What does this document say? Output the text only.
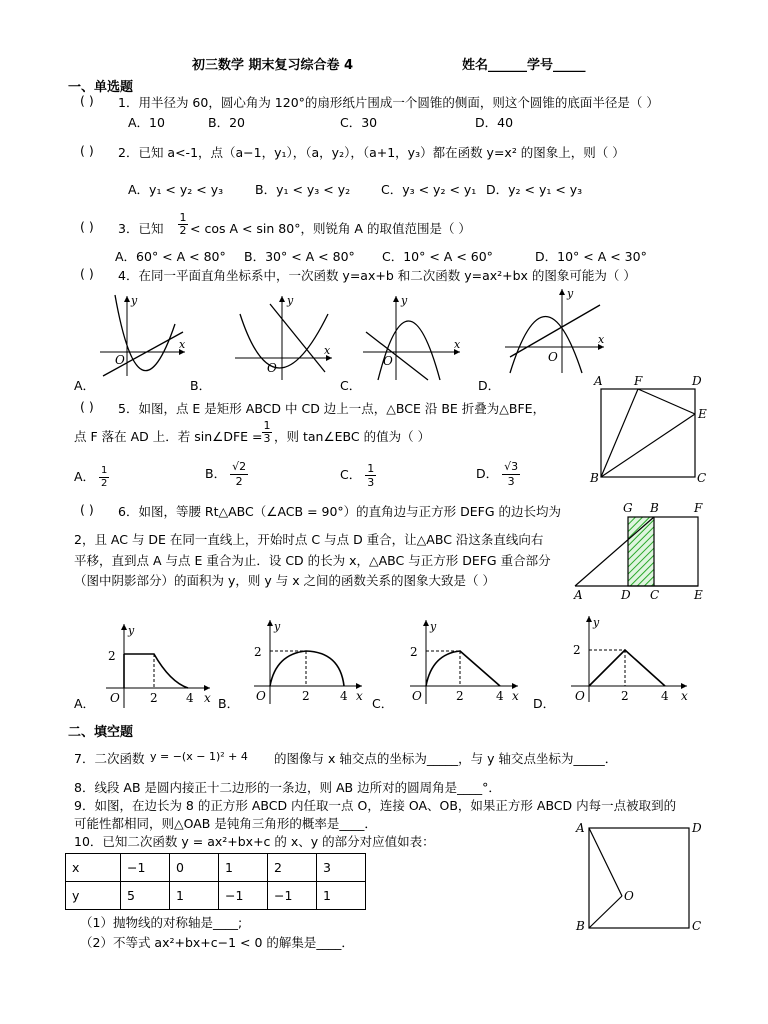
初三数学 期末复习综合卷 4	姓名______学号_____
一、单选题
( ) 1．用半径为 60，圆心角为 120°的扇形纸片围成一个圆锥的侧面，则这个圆锥的底面半径是（ ）
A．10	B．20	C．30	D．40
( ) 2．已知 a<-1，点（a−1，y₁），（a，y₂），（a+1，y₃）都在函数 y=x² 的图象上，则（ ）
A．y₁ < y₂ < y₃	B．y₁ < y₃ < y₂ C．y₃ < y₂ < y₁ D．y₂ < y₁ < y₃
( ) 3．已知 $\frac{1}{2} < \cos A < \sin 80^\circ$，则锐角 A 的取值范围是（ ）
A．60° < A < 80° B．30° < A < 80° C．10° < A < 60°	D．10° < A < 30°
( ) 4．在同一平面直角坐标系中，一次函数 y=ax+b 和二次函数 y=ax²+bx 的图象可能为（ ）
O
x
y
A．
O
x
y
B．
O
x
y
C．
O
x
y
D．
( ) 5．如图，点 E 是矩形 ABCD 中 CD 边上一点，△BCE 沿 BE 折叠为△BFE，
点 F 落在 AD 上．若 sin∠DFE = $\frac{1}{3}$ ，则 tan∠EBC 的值为（ ）
A． $\frac{1}{2}$	B． $\frac{√2}{2}$	C． $\frac{1}{3}$	D． $\frac{√3}{3}$
A	F	D
E
B	C
( ) 6．如图，等腰 Rt△ABC（∠ACB = 90°）的直角边与正方形 DEFG 的边长均为
2，且 AC 与 DE 在同一直线上，开始时点 C 与点 D 重合，让△ABC 沿这条直线向右
平移，直到点 A 与点 E 重合为止．设 CD 的长为 x，△ABC 与正方形 DEFG 重合部分
（图中阴影部分）的面积为 y，则 y 与 x 之间的函数关系的图象大致是（ ）
G B	F
A	D C	E
2
2 4
O	x
y
A．
2
2	4
O	x
y
B．
2
2	4
O	x
y
C．
2
2	4
O	x
y
D．
二、填空题
7．二次函数 y = −(x − 1)² + 4 的图像与 x 轴交点的坐标为_____，与 y 轴交点坐标为_____．
8．线段 AB 是圆内接正十二边形的一条边，则 AB 边所对的圆周角是____°．
9．如图，在边长为 8 的正方形 ABCD 内任取一点 O，连接 OA、OB，如果正方形 ABCD 内每一点被取到的
可能性都相同，则△OAB 是钝角三角形的概率是____．
10．已知二次函数 y = ax²+bx+c 的 x、y 的部分对应值如表：
x	−1	0	1	2	3
y	5	1	−1	−1	1
（1）抛物线的对称轴是____;
（2）不等式 ax²+bx+c−1 < 0 的解集是____．
A	D
O
B	C
